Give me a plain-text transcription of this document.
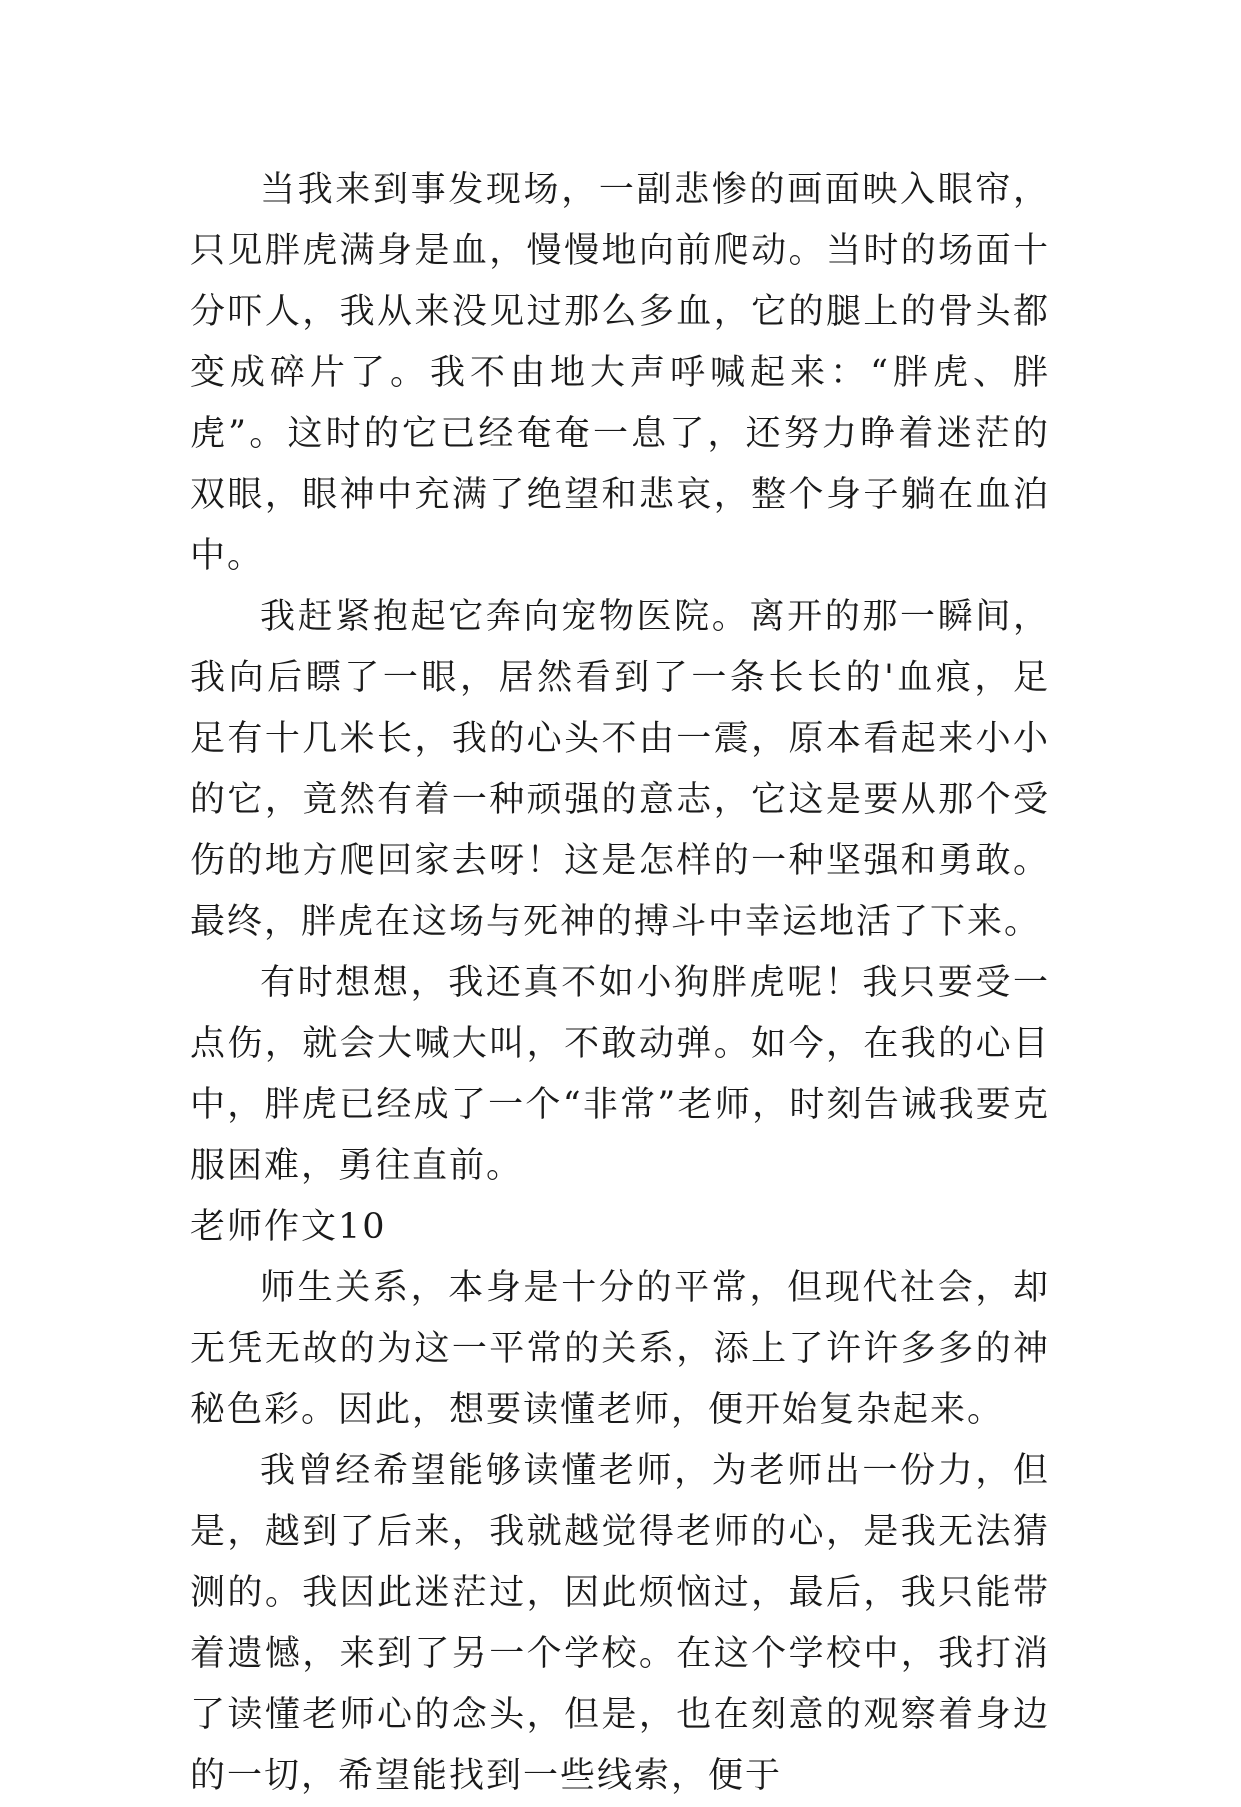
当我来到事发现场，一副悲惨的画面映入眼帘，只见胖虎满身是血，慢慢地向前爬动。当时的场面十分吓人，我从来没见过那么多血，它的腿上的骨头都变成碎片了。我不由地大声呼喊起来：“胖虎、胖虎”。这时的它已经奄奄一息了，还努力睁着迷茫的双眼，眼神中充满了绝望和悲哀，整个身子躺在血泊中。

我赶紧抱起它奔向宠物医院。离开的那一瞬间，我向后瞟了一眼，居然看到了一条长长的'血痕，足足有十几米长，我的心头不由一震，原本看起来小小的它，竟然有着一种顽强的意志，它这是要从那个受伤的地方爬回家去呀！这是怎样的一种坚强和勇敢。最终，胖虎在这场与死神的搏斗中幸运地活了下来。

有时想想，我还真不如小狗胖虎呢！我只要受一点伤，就会大喊大叫，不敢动弹。如今，在我的心目中，胖虎已经成了一个“非常”老师，时刻告诫我要克服困难，勇往直前。

老师作文10

师生关系，本身是十分的平常，但现代社会，却无凭无故的为这一平常的关系，添上了许许多多的神秘色彩。因此，想要读懂老师，便开始复杂起来。

我曾经希望能够读懂老师，为老师出一份力，但是，越到了后来，我就越觉得老师的心，是我无法猜测的。我因此迷茫过，因此烦恼过，最后，我只能带着遗憾，来到了另一个学校。在这个学校中，我打消了读懂老师心的念头，但是，也在刻意的观察着身边的一切，希望能找到一些线索，便于
